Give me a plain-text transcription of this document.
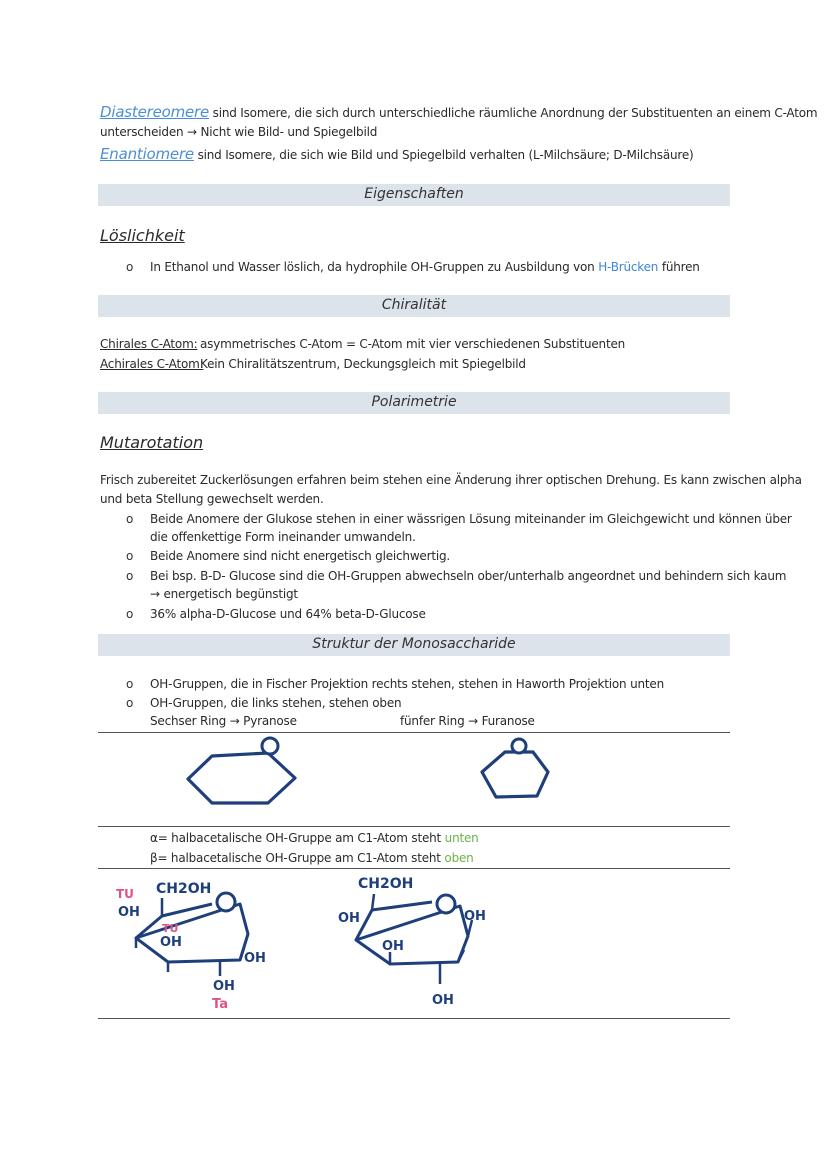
Diastereomere sind Isomere, die sich durch unterschiedliche räumliche Anordnung der Substituenten an einem C-Atom
unterscheiden → Nicht wie Bild- und Spiegelbild
Enantiomere sind Isomere, die sich wie Bild und Spiegelbild verhalten (L-Milchsäure; D-Milchsäure)
Eigenschaften
Löslichkeit
o In Ethanol und Wasser löslich, da hydrophile OH-Gruppen zu Ausbildung von H-Brücken führen
Chiralität
Chirales C-Atom: asymmetrisches C-Atom = C-Atom mit vier verschiedenen Substituenten
Achirales C-Atom:
Kein Chiralitätszentrum, Deckungsgleich mit Spiegelbild
Polarimetrie
Mutarotation
Frisch zubereitet Zuckerlösungen erfahren beim stehen eine Änderung ihrer optischen Drehung. Es kann zwischen alpha
und beta Stellung gewechselt werden.
o Beide Anomere der Glukose stehen in einer wässrigen Lösung miteinander im Gleichgewicht und können über
die offenkettige Form ineinander umwandeln.
o Beide Anomere sind nicht energetisch gleichwertig.
o Bei bsp. B-D- Glucose sind die OH-Gruppen abwechseln ober/unterhalb angeordnet und behindern sich kaum
→ energetisch begünstigt
o 36% alpha-D-Glucose und 64% beta-D-Glucose
Struktur der Monosaccharide
o OH-Gruppen, die in Fischer Projektion rechts stehen, stehen in Haworth Projektion unten
o OH-Gruppen, die links stehen, stehen oben
Sechser Ring → Pyranose	fünfer Ring → Furanose
α= halbacetalische OH-Gruppe am C1-Atom steht unten
β= halbacetalische OH-Gruppe am C1-Atom steht oben
CH2OH
TU
OH
TU
OH
OH
OH
Ta
CH2OH
OH	OH
OH
OH
